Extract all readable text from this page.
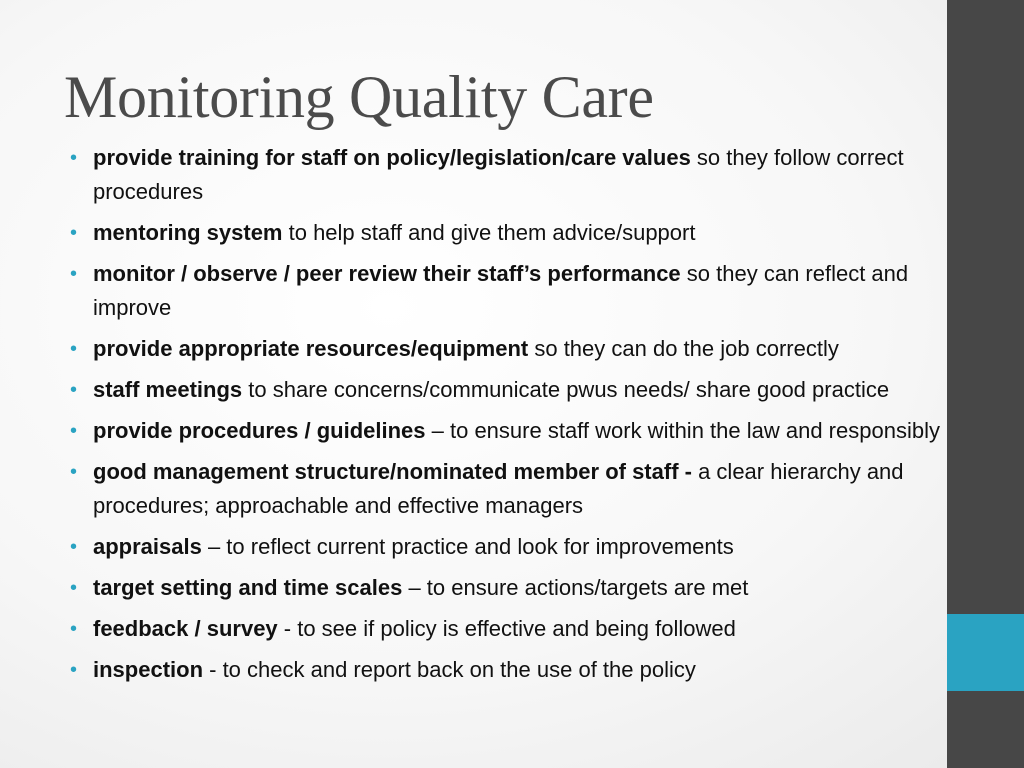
Monitoring Quality Care
• provide training for staff on policy/legislation/care values so they follow correct procedures
• mentoring system to help staff and give them advice/support
• monitor / observe / peer review their staff’s performance so they can reflect and improve
• provide appropriate resources/equipment so they can do the job correctly
• staff meetings to share concerns/communicate pwus needs/ share good practice
• provide procedures / guidelines – to ensure staff work within the law and responsibly
• good management structure/nominated member of staff - a clear hierarchy and procedures; approachable and effective managers
• appraisals – to reflect current practice and look for improvements
• target setting and time scales – to ensure actions/targets are met
• feedback / survey - to see if policy is effective and being followed
• inspection - to check and report back on the use of the policy
